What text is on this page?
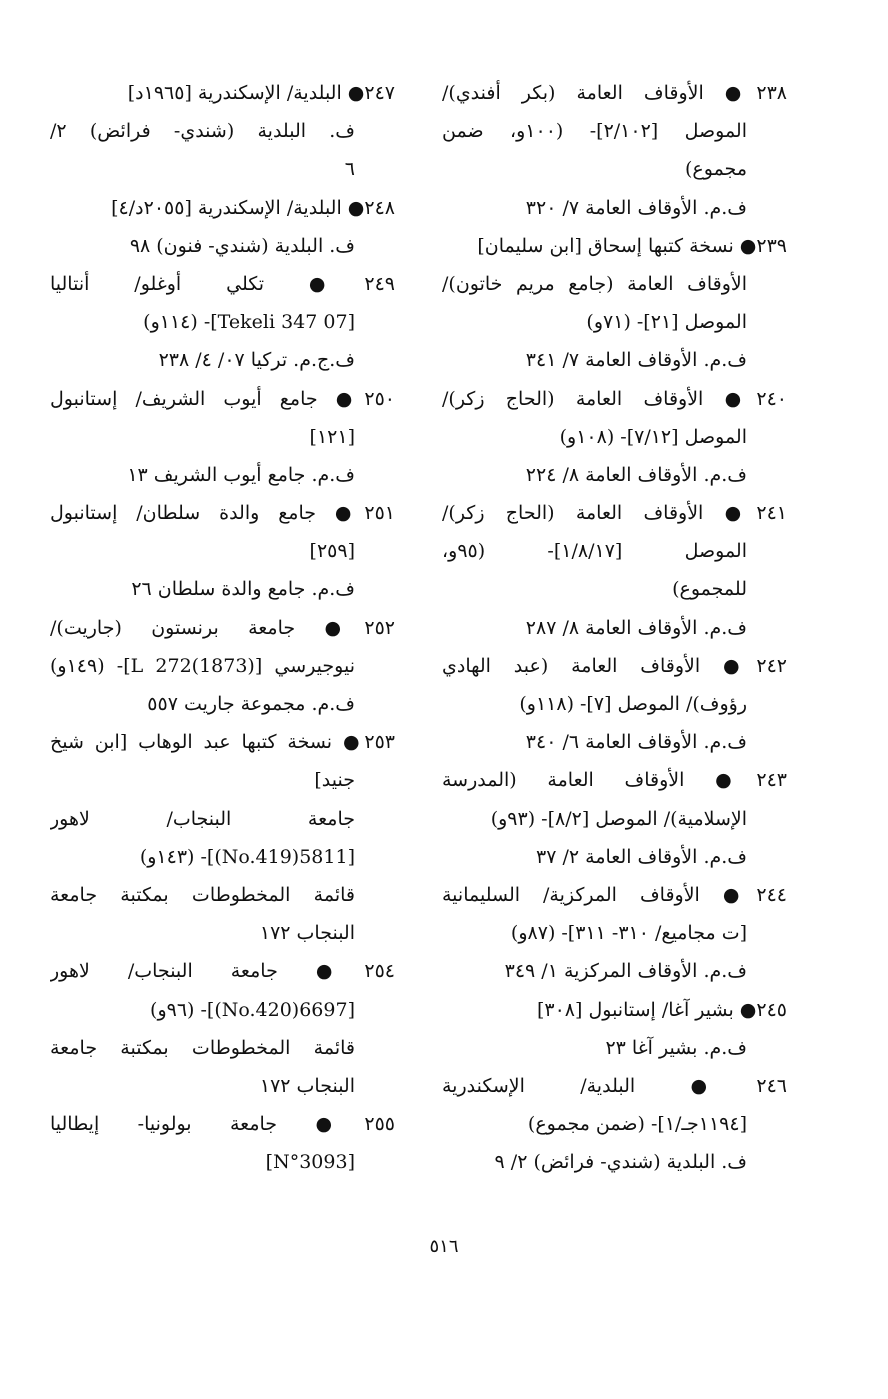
٢٣٨● الأوقاف العامة (بكر أفندي)/
الموصل [٢/١٠٢]- (١٠٠و، ضمن
مجموع)
ف.م. الأوقاف العامة ٧/ ٣٢٠
٢٣٩● نسخة كتبها إسحاق [ابن سليمان]
الأوقاف العامة (جامع مريم خاتون)/
الموصل [٢١]- (٧١و)
ف.م. الأوقاف العامة ٧/ ٣٤١
٢٤٠● الأوقاف العامة (الحاج زكر)/
الموصل [٧/١٢]- (١٠٨و)
ف.م. الأوقاف العامة ٨/ ٢٢٤
٢٤١● الأوقاف العامة (الحاج زكر)/
الموصل [١/٨/١٧]- (٩٥و،
للمجموع)
ف.م. الأوقاف العامة ٨/ ٢٨٧
٢٤٢● الأوقاف العامة (عبد الهادي
رؤوف)/ الموصل [٧]- (١١٨و)
ف.م. الأوقاف العامة ٦/ ٣٤٠
٢٤٣● الأوقاف العامة (المدرسة
الإسلامية)/ الموصل [٨/٢]- (٩٣و)
ف.م. الأوقاف العامة ٢/ ٣٧
٢٤٤● الأوقاف المركزية/ السليمانية
[ت مجاميع/ ٣١٠- ٣١١]- (٨٧و)
ف.م. الأوقاف المركزية ١/ ٣٤٩
٢٤٥● بشير آغا/ إستانبول [٣٠٨]
ف.م. بشير آغا ٢٣
٢٤٦● البلدية/ الإسكندرية
[١١٩٤جـ/١]- (ضمن مجموع)
ف. البلدية (شندي- فرائض) ٢/ ٩
٢٤٧● البلدية/ الإسكندرية [١٩٦٥د]
ف. البلدية (شندي- فرائض) ٢/
٦
٢٤٨● البلدية/ الإسكندرية [٢٠٥٥د/٤]
ف. البلدية (شندي- فنون) ٩٨
٢٤٩● تكلي أوغلو/ أنتاليا
[07 Tekeli 347]- (١١٤و)
ف.ج.م. تركيا ٠٧/ ٤/ ٢٣٨
٢٥٠● جامع أيوب الشريف/ إستانبول
[١٢١]
ف.م. جامع أيوب الشريف ١٣
٢٥١● جامع والدة سلطان/ إستانبول
[٢٥٩]
ف.م. جامع والدة سلطان ٢٦
٢٥٢● جامعة برنستون (جاريت)/
نيوجيرسي [L 272(1873)]- (١٤٩و)
ف.م. مجموعة جاريت ٥٥٧
٢٥٣● نسخة كتبها عبد الوهاب [ابن شيخ
جنيد]
جامعة البنجاب/ لاهور
[5811(No.419)]- (١٤٣و)
قائمة المخطوطات بمكتبة جامعة
البنجاب ١٧٢
٢٥٤● جامعة البنجاب/ لاهور
[6697(No.420)]- (٩٦و)
قائمة المخطوطات بمكتبة جامعة
البنجاب ١٧٢
٢٥٥● جامعة بولونيا- إيطاليا
[N°3093]
٥١٦
